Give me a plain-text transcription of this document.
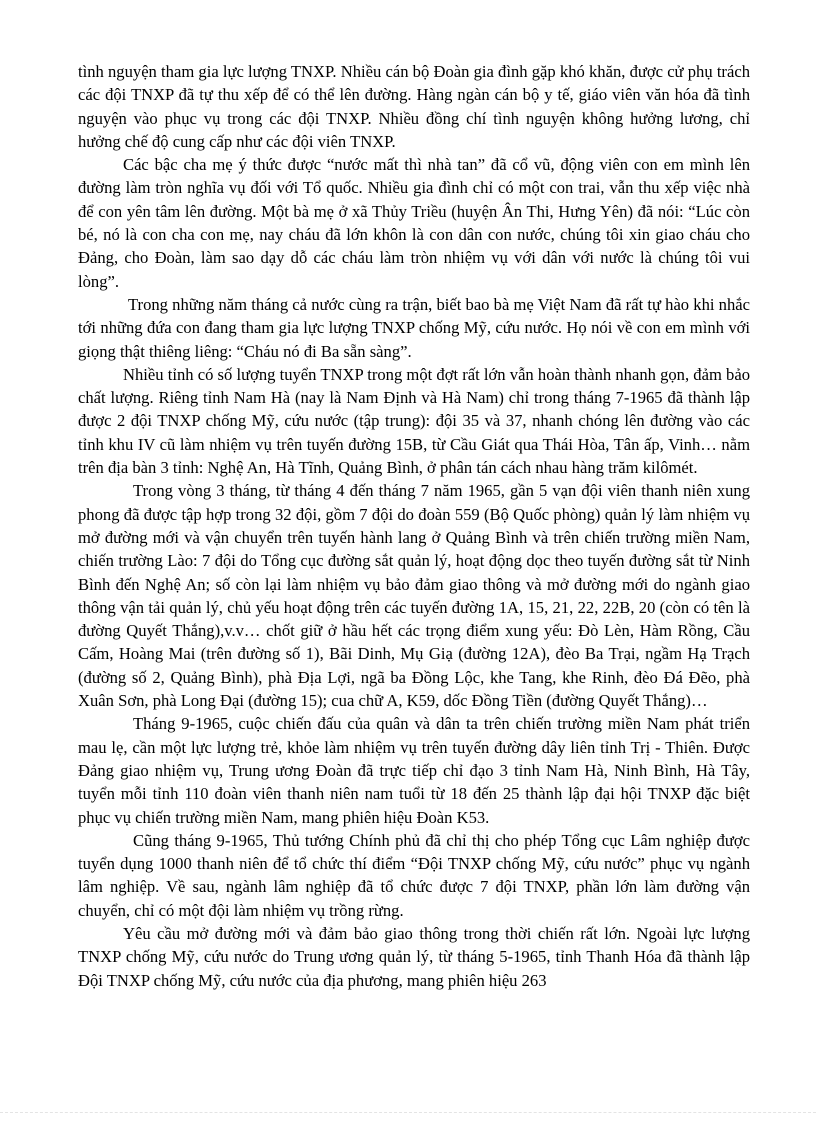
tình nguyện tham gia lực lượng TNXP. Nhiều cán bộ Đoàn gia đình gặp khó khăn, được cử phụ trách các đội TNXP đã tự thu xếp để có thể lên đường. Hàng ngàn cán bộ y tế, giáo viên văn hóa đã tình nguyện vào phục vụ trong các đội TNXP. Nhiều đồng chí tình nguyện không hưởng lương, chỉ hưởng chế độ cung cấp như các đội viên TNXP.

Các bậc cha mẹ ý thức được “nước mất thì nhà tan” đã cổ vũ, động viên con em mình lên đường làm tròn nghĩa vụ đối với Tổ quốc. Nhiều gia đình chỉ có một con trai, vẫn thu xếp việc nhà để con yên tâm lên đường. Một bà mẹ ở xã Thủy Triều (huyện Ân Thi, Hưng Yên) đã nói: “Lúc còn bé, nó là con cha con mẹ, nay cháu đã lớn khôn là con dân con nước, chúng tôi xin giao cháu cho Đảng, cho Đoàn, làm sao dạy dỗ các cháu làm tròn nhiệm vụ với dân với nước là chúng tôi vui lòng”.

Trong những năm tháng cả nước cùng ra trận, biết bao bà mẹ Việt Nam đã rất tự hào khi nhắc tới những đứa con đang tham gia lực lượng TNXP chống Mỹ, cứu nước. Họ nói về con em mình với giọng thật thiêng liêng: “Cháu nó đi Ba sẵn sàng”.

Nhiều tỉnh có số lượng tuyển TNXP trong một đợt rất lớn vẫn hoàn thành nhanh gọn, đảm bảo chất lượng. Riêng tỉnh Nam Hà (nay là Nam Định và Hà Nam) chỉ trong tháng 7-1965 đã thành lập được 2 đội TNXP chống Mỹ, cứu nước (tập trung): đội 35 và 37, nhanh chóng lên đường vào các tỉnh khu IV cũ làm nhiệm vụ trên tuyến đường 15B, từ Cầu Giát qua Thái Hòa, Tân ấp, Vinh… nằm trên địa bàn 3 tỉnh: Nghệ An, Hà Tĩnh, Quảng Bình, ở phân tán cách nhau hàng trăm kilômét.

Trong vòng 3 tháng, từ tháng 4 đến tháng 7 năm 1965, gần 5 vạn đội viên thanh niên xung phong đã được tập hợp trong 32 đội, gồm 7 đội do đoàn 559 (Bộ Quốc phòng) quản lý làm nhiệm vụ mở đường mới và vận chuyển trên tuyến hành lang ở Quảng Bình và trên chiến trường miền Nam, chiến trường Lào: 7 đội do Tổng cục đường sắt quản lý, hoạt động dọc theo tuyến đường sắt từ Ninh Bình đến Nghệ An; số còn lại làm nhiệm vụ bảo đảm giao thông và mở đường mới do ngành giao thông vận tải quản lý, chủ yếu hoạt động trên các tuyến đường 1A, 15, 21, 22, 22B, 20 (còn có tên là đường Quyết Thắng),v.v… chốt giữ ở hầu hết các trọng điểm xung yếu: Đò Lèn, Hàm Rồng, Cầu Cấm, Hoàng Mai (trên đường số 1), Bãi Dinh, Mụ Giạ (đường 12A), đèo Ba Trại, ngầm Hạ Trạch (đường số 2, Quảng Bình), phà Địa Lợi, ngã ba Đồng Lộc, khe Tang, khe Rinh, đèo Đá Đẽo, phà Xuân Sơn, phà Long Đại (đường 15); cua chữ A, K59, dốc Đồng Tiền (đường Quyết Thắng)…

Tháng 9-1965, cuộc chiến đấu của quân và dân ta trên chiến trường miền Nam phát triển mau lẹ, cần một lực lượng trẻ, khỏe làm nhiệm vụ trên tuyến đường dây liên tỉnh Trị - Thiên. Được Đảng giao nhiệm vụ, Trung ương Đoàn đã trực tiếp chỉ đạo 3 tỉnh Nam Hà, Ninh Bình, Hà Tây, tuyển mỗi tỉnh 110 đoàn viên thanh niên nam tuổi từ 18 đến 25 thành lập đại hội TNXP đặc biệt phục vụ chiến trường miền Nam, mang phiên hiệu Đoàn K53.

Cũng tháng 9-1965, Thủ tướng Chính phủ đã chỉ thị cho phép Tổng cục Lâm nghiệp được tuyển dụng 1000 thanh niên để tổ chức thí điểm “Đội TNXP chống Mỹ, cứu nước” phục vụ ngành lâm nghiệp. Về sau, ngành lâm nghiệp đã tổ chức được 7 đội TNXP, phần lớn làm đường vận chuyển, chỉ có một đội làm nhiệm vụ trồng rừng.

Yêu cầu mở đường mới và đảm bảo giao thông trong thời chiến rất lớn. Ngoài lực lượng TNXP chống Mỹ, cứu nước do Trung ương quản lý, từ tháng 5-1965, tỉnh Thanh Hóa đã thành lập Đội TNXP chống Mỹ, cứu nước của địa phương, mang phiên hiệu 263
